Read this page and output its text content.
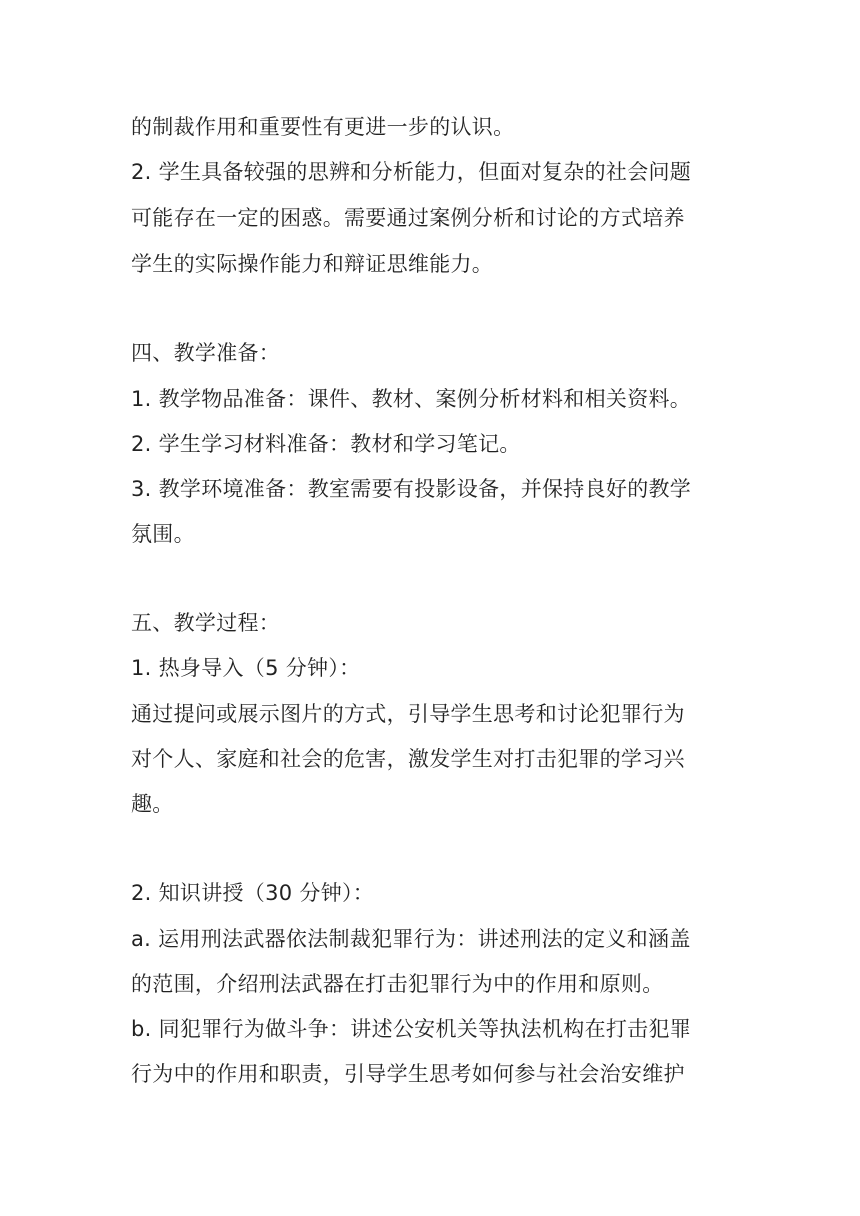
的制裁作用和重要性有更进一步的认识。
2. 学生具备较强的思辨和分析能力，但面对复杂的社会问题
可能存在一定的困惑。需要通过案例分析和讨论的方式培养
学生的实际操作能力和辩证思维能力。
四、教学准备：
1. 教学物品准备：课件、教材、案例分析材料和相关资料。
2. 学生学习材料准备：教材和学习笔记。
3. 教学环境准备：教室需要有投影设备，并保持良好的教学
氛围。
五、教学过程：
1. 热身导入（5 分钟）：
通过提问或展示图片的方式，引导学生思考和讨论犯罪行为
对个人、家庭和社会的危害，激发学生对打击犯罪的学习兴
趣。
2. 知识讲授（30 分钟）：
a. 运用刑法武器依法制裁犯罪行为：讲述刑法的定义和涵盖
的范围，介绍刑法武器在打击犯罪行为中的作用和原则。
b. 同犯罪行为做斗争：讲述公安机关等执法机构在打击犯罪
行为中的作用和职责，引导学生思考如何参与社会治安维护
